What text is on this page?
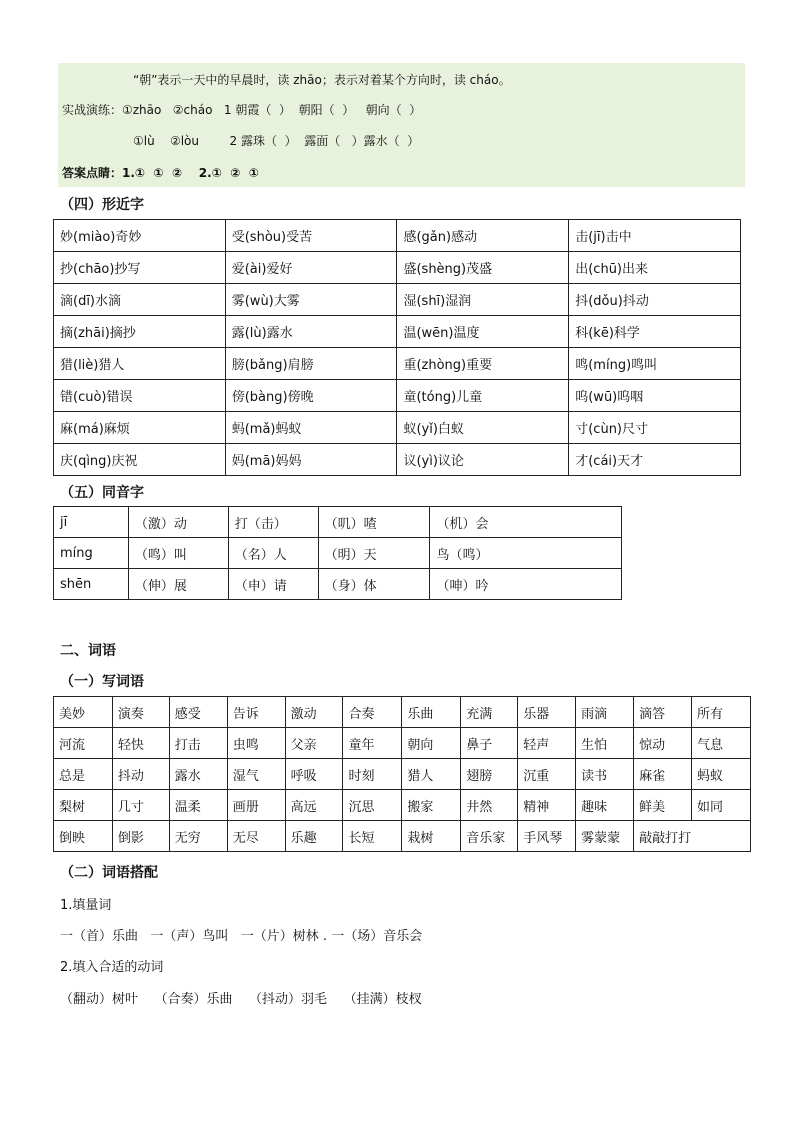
“朝”表示一天中的早晨时，读 zhāo；表示对着某个方向时，读 cháo。
实战演练：①zhāo   ②cháo   1 朝霞（  ）  朝阳（  ）   朝向（  ）
①lù    ②lòu        2 露珠（  ）  露面（   ）露水（  ）
答案点睛：1.①  ①  ②    2.①  ②  ①
（四）形近字
妙(miào)奇妙	受(shòu)受苦	感(gǎn)感动	击(jī)击中
抄(chāo)抄写	爱(ài)爱好	盛(shèng)茂盛	出(chū)出来
滴(dī)水滴	雾(wù)大雾	湿(shī)湿润	抖(dǒu)抖动
摘(zhāi)摘抄	露(lù)露水	温(wēn)温度	科(kē)科学
猎(liè)猎人	膀(bǎng)肩膀	重(zhòng)重要	鸣(míng)鸣叫
错(cuò)错误	傍(bàng)傍晚	童(tóng)儿童	呜(wū)呜咽
麻(má)麻烦	蚂(mǎ)蚂蚁	蚁(yǐ)白蚁	寸(cùn)尺寸
庆(qìng)庆祝	妈(mā)妈妈	议(yì)议论	才(cái)天才
（五）同音字
jī	（激）动	打（击）	（叽）喳	（机）会
míng	（鸣）叫	（名）人	（明）天	鸟（鸣）
shēn	（伸）展	（申）请	（身）体	（呻）吟
二、词语
（一）写词语
美妙	演奏	感受	告诉	激动	合奏	乐曲	充满	乐器	雨滴	滴答	所有
河流	轻快	打击	虫鸣	父亲	童年	朝向	鼻子	轻声	生怕	惊动	气息
总是	抖动	露水	湿气	呼吸	时刻	猎人	翅膀	沉重	读书	麻雀	蚂蚁
梨树	几寸	温柔	画册	高远	沉思	搬家	井然	精神	趣味	鲜美	如同
倒映	倒影	无穷	无尽	乐趣	长短	栽树	音乐家	手风琴	雾蒙蒙	敲敲打打	
（二）词语搭配
1.填量词
一（首）乐曲   一（声）鸟叫   一（片）树林 . 一（场）音乐会
2.填入合适的动词
（翻动）树叶    （合奏）乐曲    （抖动）羽毛    （挂满）枝杈
